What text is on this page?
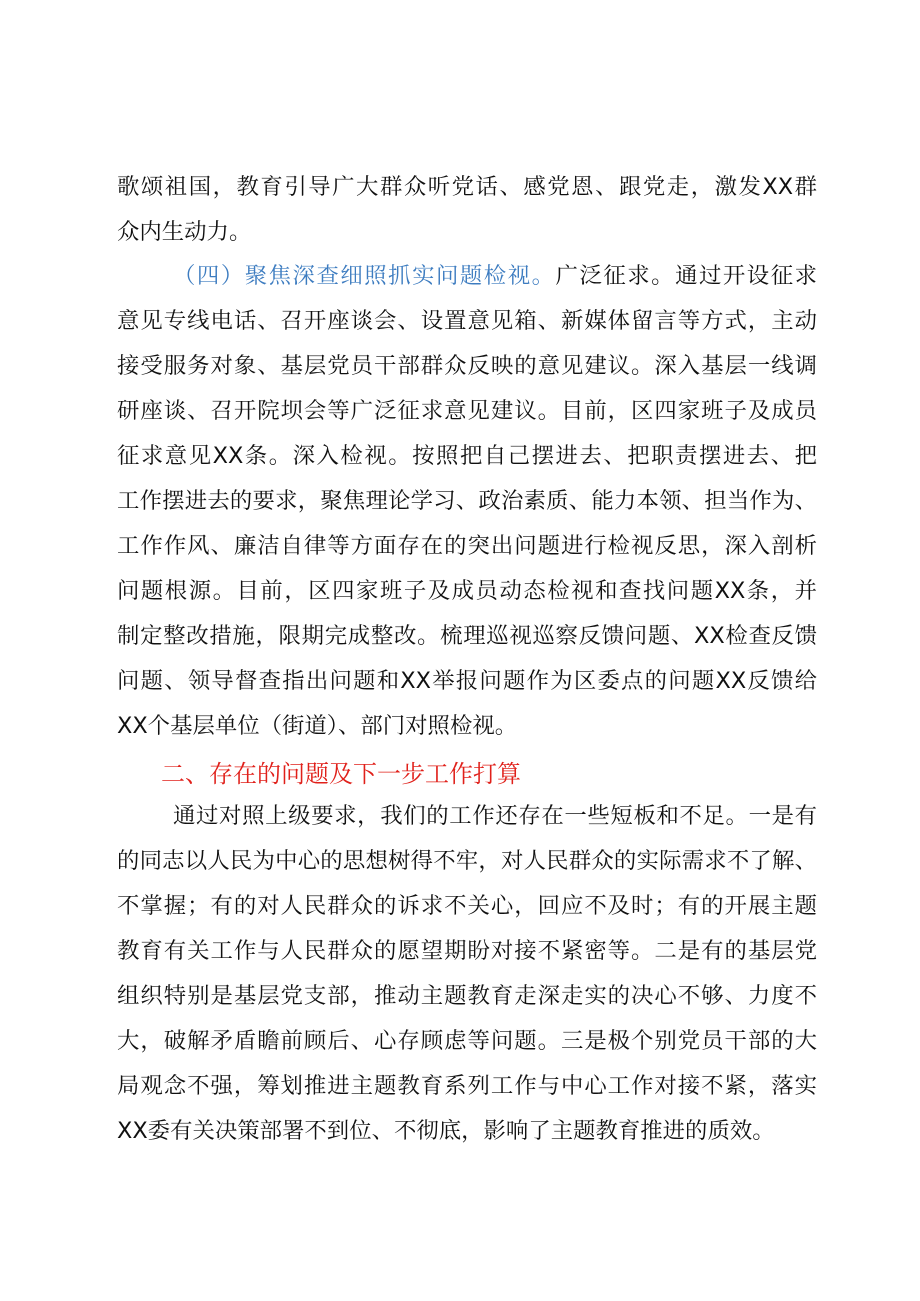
歌颂祖国，教育引导广大群众听党话、感党恩、跟党走，激发XX群
众内生动力。
（四）聚焦深查细照抓实问题检视。广泛征求。通过开设征求
意见专线电话、召开座谈会、设置意见箱、新媒体留言等方式，主动
接受服务对象、基层党员干部群众反映的意见建议。深入基层一线调
研座谈、召开院坝会等广泛征求意见建议。目前，区四家班子及成员
征求意见XX条。深入检视。按照把自己摆进去、把职责摆进去、把
工作摆进去的要求，聚焦理论学习、政治素质、能力本领、担当作为、
工作作风、廉洁自律等方面存在的突出问题进行检视反思，深入剖析
问题根源。目前，区四家班子及成员动态检视和查找问题XX条，并
制定整改措施，限期完成整改。梳理巡视巡察反馈问题、XX检查反馈
问题、领导督查指出问题和XX举报问题作为区委点的问题XX反馈给
XX个基层单位（街道）、部门对照检视。
二、存在的问题及下一步工作打算
通过对照上级要求，我们的工作还存在一些短板和不足。一是有
的同志以人民为中心的思想树得不牢，对人民群众的实际需求不了解、
不掌握；有的对人民群众的诉求不关心，回应不及时；有的开展主题
教育有关工作与人民群众的愿望期盼对接不紧密等。二是有的基层党
组织特别是基层党支部，推动主题教育走深走实的决心不够、力度不
大，破解矛盾瞻前顾后、心存顾虑等问题。三是极个别党员干部的大
局观念不强，筹划推进主题教育系列工作与中心工作对接不紧，落实
XX委有关决策部署不到位、不彻底，影响了主题教育推进的质效。
